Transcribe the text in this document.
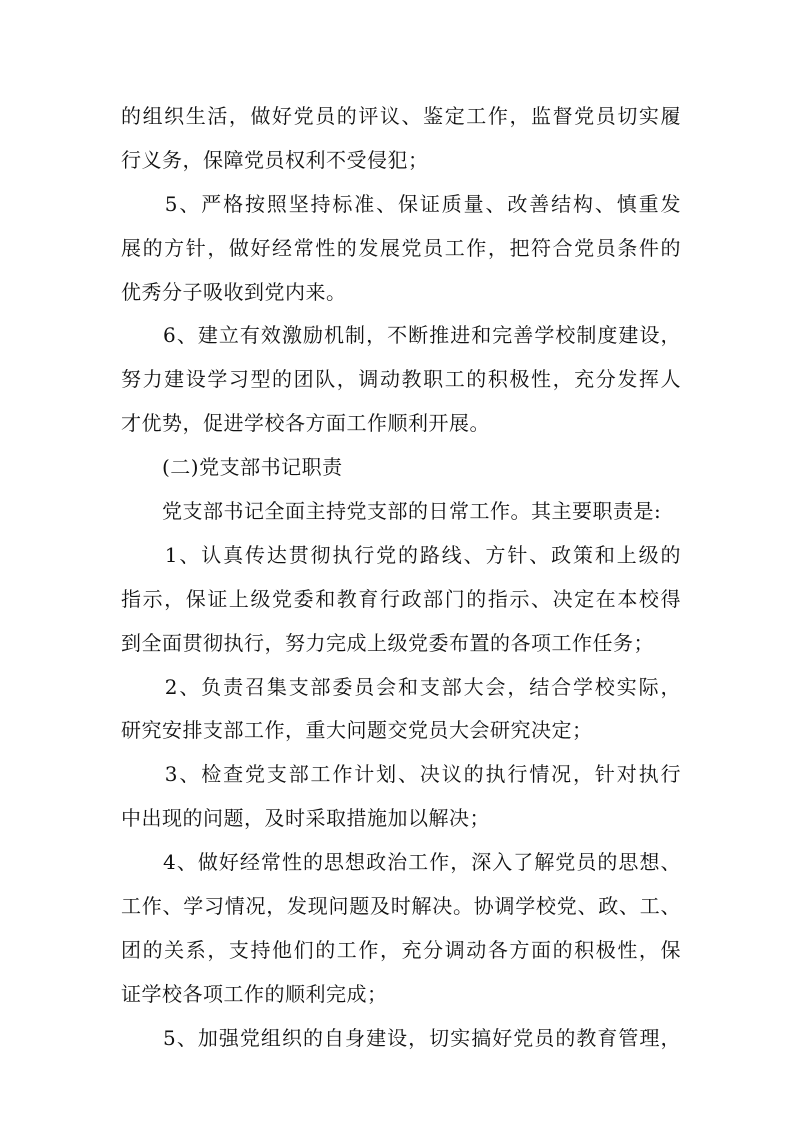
的组织生活，做好党员的评议、鉴定工作，监督党员切实履
行义务，保障党员权利不受侵犯；
　　5、严格按照坚持标准、保证质量、改善结构、慎重发
展的方针，做好经常性的发展党员工作，把符合党员条件的
优秀分子吸收到党内来。
　　6、建立有效激励机制，不断推进和完善学校制度建设，
努力建设学习型的团队，调动教职工的积极性，充分发挥人
才优势，促进学校各方面工作顺利开展。
　　(二)党支部书记职责
　　党支部书记全面主持党支部的日常工作。其主要职责是:
　　1、认真传达贯彻执行党的路线、方针、政策和上级的
指示，保证上级党委和教育行政部门的指示、决定在本校得
到全面贯彻执行，努力完成上级党委布置的各项工作任务；
　　2、负责召集支部委员会和支部大会，结合学校实际，
研究安排支部工作，重大问题交党员大会研究决定；
　　3、检查党支部工作计划、决议的执行情况，针对执行
中出现的问题，及时采取措施加以解决；
　　4、做好经常性的思想政治工作，深入了解党员的思想、
工作、学习情况，发现问题及时解决。协调学校党、政、工、
团的关系，支持他们的工作，充分调动各方面的积极性，保
证学校各项工作的顺利完成；
　　5、加强党组织的自身建设，切实搞好党员的教育管理，
